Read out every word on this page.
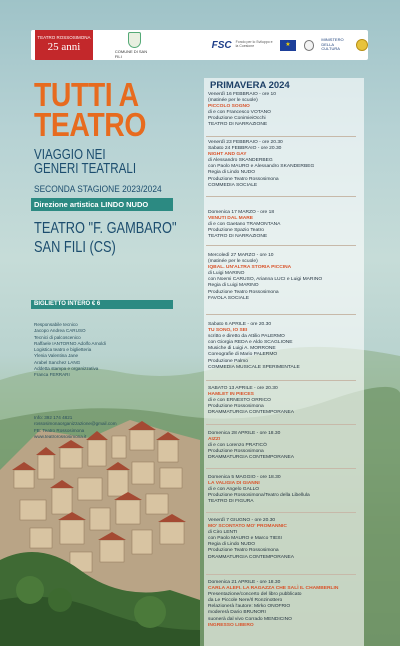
TEATRO ROSSOSIMONA
25 anni	COMUNE DI SAN FILI
FSC Fondo per lo Sviluppo e la Coesione	★
MINISTERO DELLA CULTURA
TUTTI A
TEATRO
VIAGGIO NEI
GENERI TEATRALI
SECONDA STAGIONE 2023/2024
Direzione artistica LINDO NUDO
TEATRO "F. GAMBARO"
SAN FILI (CS)
BIGLIETTO INTERO € 6
Responsabile tecnico
Jacopo Andrea CARUSO
Tecnici di palcoscenico
Raffaele IANTORNO Adolfo Arnoldi
Logistica teatro e biglietteria
Ylenia Valentina Jane
Arabel Sanchez LANG
Addetta stampa e organizzativa
Franca FERRARI
Info: 392 174 4821
rossosimonaorganizzazione@gmail.com
FB: Teatro Rossosimona
www.teatrorossosimona.it
PRIMAVERA 2024
Venerdì 16 FEBBRAIO - ore 10
(matinée per le scuole)
PICCOLO SOGNO
di e con Francesco VOTANO
Produzione ConimieiOcchi
TEATRO DI NARRAZIONE
Venerdì 23 FEBBRAIO - ore 20.30
Sabato 24 FEBBRAIO - ore 20.30
NIGHT AND GAY
di Alessandro SKANDERBEG
con Paolo MAURO e Alessandro SKANDERBEG
Regia di Lindo NUDO
Produzione Teatro Rossosimona
COMMEDIA SOCIALE
Domenica 17 MARZO - ore 18
VENUTI DAL MARE
di e con Gaetano TRAMONTANA
Produzione Spazio Teatro
TEATRO DI NARRAZIONE
Mercoledì 27 MARZO - ore 10
(matinée per le scuole)
IQBAL. UN'ALTRA STORIA PICCINA
di Luigi MARINO
con Noemi CARUSO, Arianna LUCI e Luigi MARINO
Regia di Luigi MARINO
Produzione Teatro Rossosimona
FAVOLA SOCIALE
Sabato 6 APRILE - ore 20.30
TU SONO, IO SEI
scritto e diretto da Attilio PALERMO
con Giorgia REDA e Aldo SCAGLIONE
Musiche di Luigi A. MORRONE
Coreografie di Mario PALERMO
Produzione Palmo
COMMEDIA MUSICALE SPERIMENTALE
SABATO 13 APRILE - ore 20.30
HAMLET IN PIECES
di e con ERNESTO ORRICO
Produzione Rossosimona
DRAMMATURGIA CONTEMPORANEA
Domenica 28 APRILE - ore 18.30
AIZZ!
di e con Lorenzo PRATICÒ
Produzione Rossosimona
DRAMMATURGIA CONTEMPORANEA
Domenica 5 MAGGIO - ore 18.30
LA VALIGIA DI GIANNI
di e con Angelo GALLO
Produzione Rossosimona/Teatro della Libellula
TEATRO DI FIGURA
Venerdì 7 GIUGNO - ore 20.30
MO' SCONTATO MO' PROMANNIC
di Ciro LENTI
con Paolo MAURO e Marco TIESI
Regia di Lindo NUDO
Produzione Teatro Rossosimona
DRAMMATURGIA CONTEMPORANEA
Domenica 21 APRILE - ore 18.30
CARLA ALEFI. LA RAGAZZA CHE SALÌ IL CHAMBERLIN
Presentazione/concerto del libro pubblicato
da Le Piccole Nere/Il Ronzinottero
Relazionerà l'autore: Mirko ONOFRIO
modererà Dario BRUNORI
suonerà dal vivo Corrado MENDICINO
INGRESSO LIBERO
